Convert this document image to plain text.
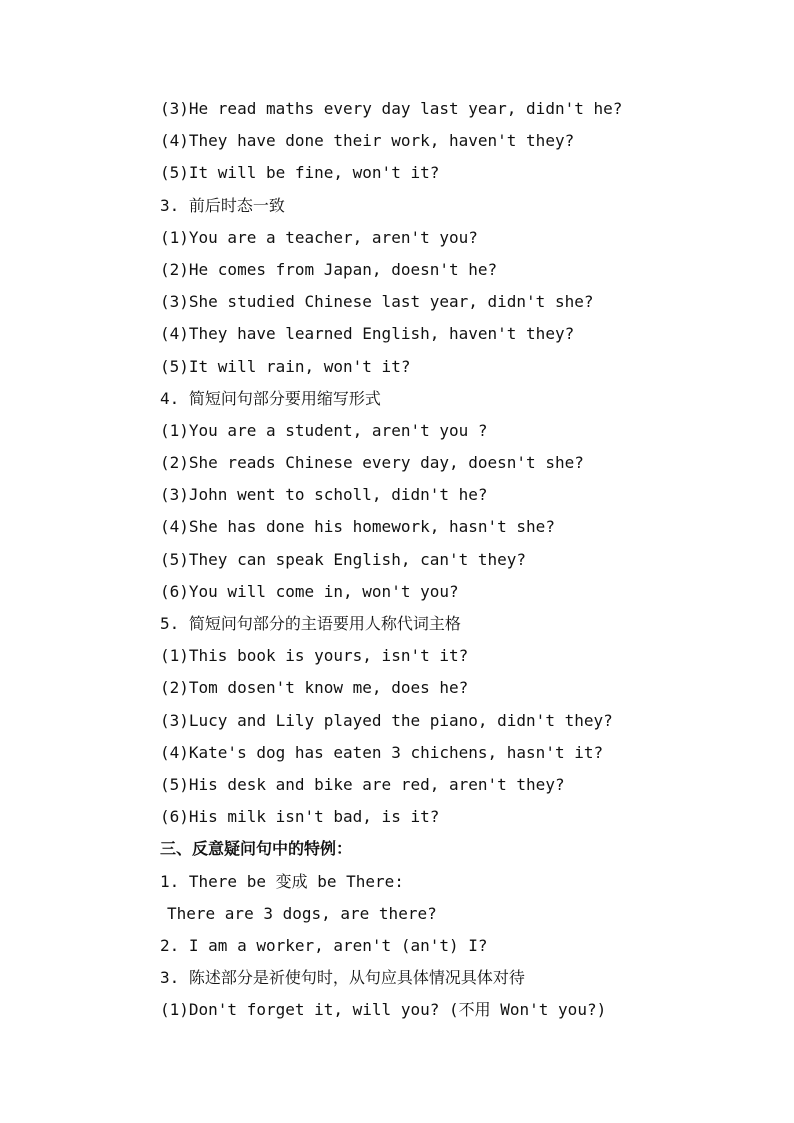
(3)He read maths every day last year, didn't he?
(4)They have done their work, haven't they?
(5)It will be fine, won't it?
3. 前后时态一致
(1)You are a teacher, aren't you?
(2)He comes from Japan, doesn't he?
(3)She studied Chinese last year, didn't she?
(4)They have learned English, haven't they?
(5)It will rain, won't it?
4. 简短问句部分要用缩写形式
(1)You are a student, aren't you ?
(2)She reads Chinese every day, doesn't she?
(3)John went to scholl, didn't he?
(4)She has done his homework, hasn't she?
(5)They can speak English, can't they?
(6)You will come in, won't you?
5. 简短问句部分的主语要用人称代词主格
(1)This book is yours, isn't it?
(2)Tom dosen't know me, does he?
(3)Lucy and Lily played the piano, didn't they?
(4)Kate's dog has eaten 3 chichens, hasn't it?
(5)His desk and bike are red, aren't they?
(6)His milk isn't bad, is it?
三、反意疑问句中的特例：
1. There be 变成 be There:
There are 3 dogs, are there?
2. I am a worker, aren't (an't) I?
3. 陈述部分是祈使句时，从句应具体情况具体对待
(1)Don't forget it, will you? (不用 Won't you?)
